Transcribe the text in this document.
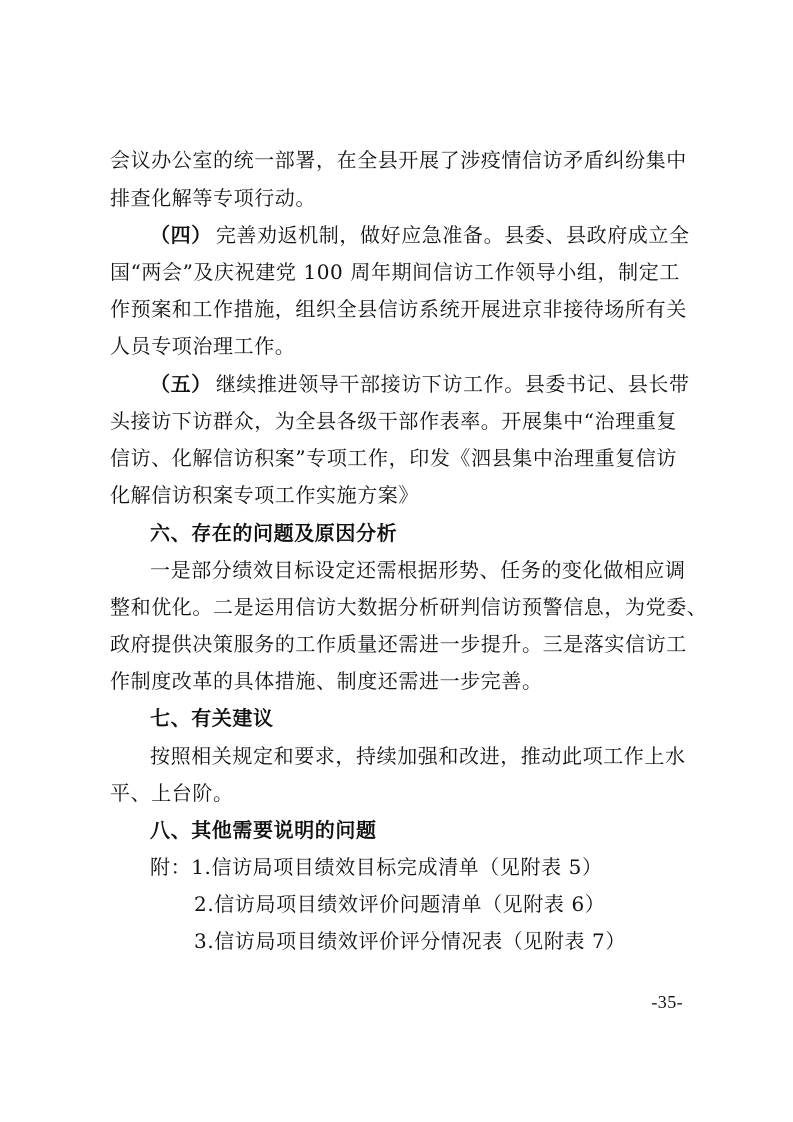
会议办公室的统一部署，在全县开展了涉疫情信访矛盾纠纷集中
排查化解等专项行动。
（四） 完善劝返机制，做好应急准备。县委、县政府成立全
国“两会”及庆祝建党 100 周年期间信访工作领导小组，制定工
作预案和工作措施，组织全县信访系统开展进京非接待场所有关
人员专项治理工作。
（五） 继续推进领导干部接访下访工作。县委书记、县长带
头接访下访群众，为全县各级干部作表率。开展集中“治理重复
信访、化解信访积案”专项工作，印发《泗县集中治理重复信访
化解信访积案专项工作实施方案》
六、存在的问题及原因分析
一是部分绩效目标设定还需根据形势、任务的变化做相应调
整和优化。二是运用信访大数据分析研判信访预警信息，为党委、
政府提供决策服务的工作质量还需进一步提升。三是落实信访工
作制度改革的具体措施、制度还需进一步完善。
七、有关建议
按照相关规定和要求，持续加强和改进，推动此项工作上水
平、上台阶。
八、其他需要说明的问题
附：1.信访局项目绩效目标完成清单（见附表 5）
2.信访局项目绩效评价问题清单（见附表 6）
3.信访局项目绩效评价评分情况表（见附表 7）
-35-
